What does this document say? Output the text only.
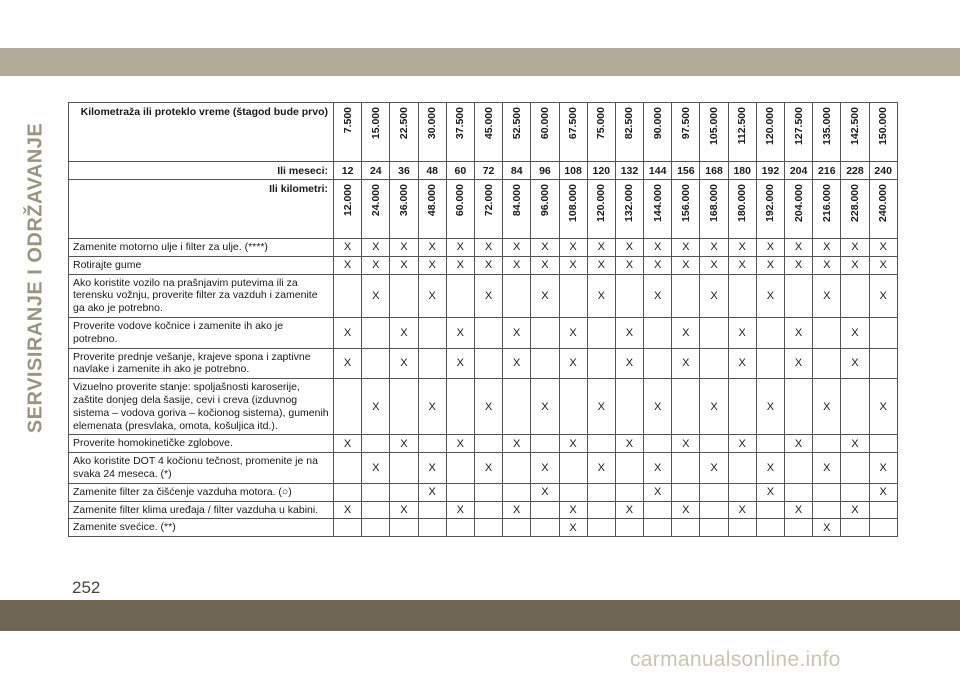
SERVISIRANJE I ODRŽAVANJE
Kilometraža ili proteklo vreme (štagod bude prvo)	7.500	15.000	22.500	30.000	37.500	45.000	52.500	60.000	67.500	75.000	82.500	90.000	97.500	105.000	112.500	120.000	127.500	135.000	142.500	150.000

Ili meseci:	12	24	36	48	60	72	84	96	108	120	132	144	156	168	180	192	204	216	228	240
Ili kilometri:	12.000	24.000	36.000	48.000	60.000	72.000	84.000	96.000	108.000	120.000	132.000	144.000	156.000	168.000	180.000	192.000	204.000	216.000	228.000	240.000

Zamenite motorno ulje i filter za ulje. (****)	X	X	X	X	X	X	X	X	X	X	X	X	X	X	X	X	X	X	X	X
Rotirajte gume	X	X	X	X	X	X	X	X	X	X	X	X	X	X	X	X	X	X	X	X
Ako koristite vozilo na prašnjavim putevima ili za terensku vožnju, proverite filter za vazduh i zamenite ga ako je potrebno.		X		X		X		X		X		X		X		X		X		X
Proverite vodove kočnice i zamenite ih ako je potrebno.	X		X		X		X		X		X		X		X		X		X	
Proverite prednje vešanje, krajeve spona i zaptivne navlake i zamenite ih ako je potrebno.	X		X		X		X		X		X		X		X		X		X	
Vizuelno proverite stanje: spoljašnosti karoserije, zaštite donjeg dela šasije, cevi i creva (izduvnog sistema – vodova goriva – kočionog sistema), gumenih elemenata (presvlaka, omota, košuljica itd.).		X		X		X		X		X		X		X		X		X		X
Proverite homokinetičke zglobove.	X		X		X		X		X		X		X		X		X		X	
Ako koristite DOT 4 kočionu tečnost, promenite je na svaka 24 meseca. (*)		X		X		X		X		X		X		X		X		X		X
Zamenite filter za čišćenje vazduha motora. (○)				X				X				X				X				X
Zamenite filter klima uređaja / filter vazduha u kabini.	X		X		X		X		X		X		X		X		X		X	
Zamenite svećice. (**)									X									X		
252
carmanualsonline.info
